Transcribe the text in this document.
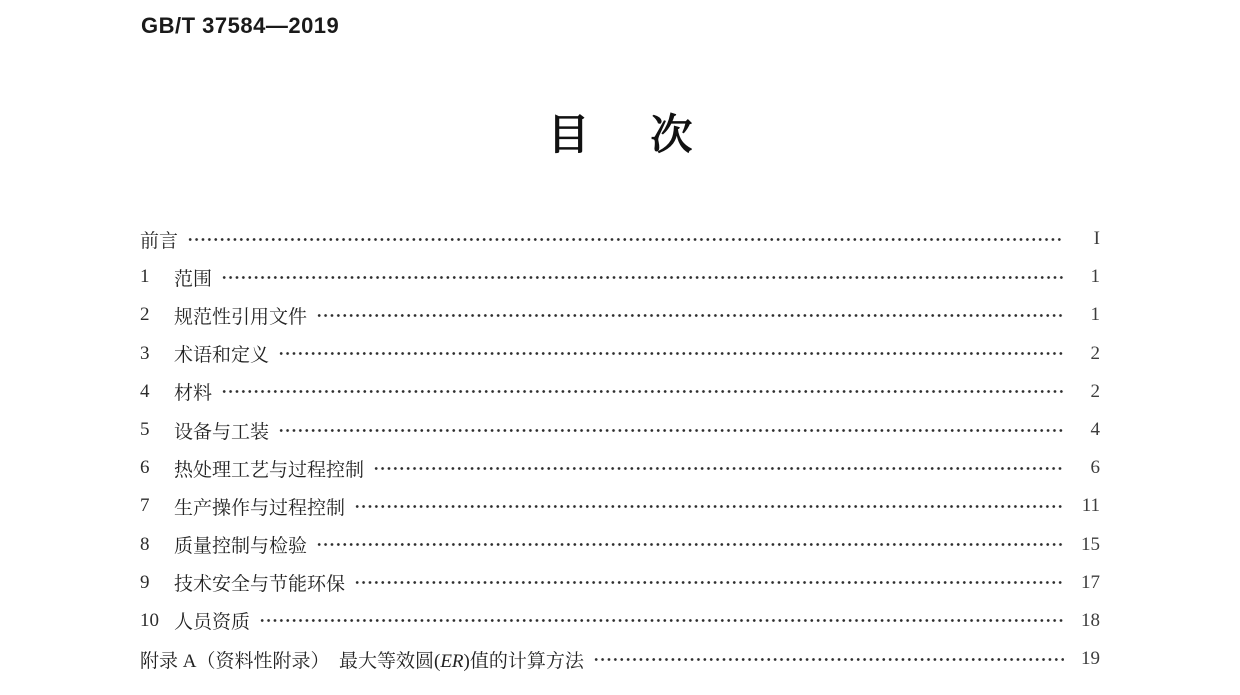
GB/T 37584—2019
目次
前言	I
1	范围	1
2	规范性引用文件	1
3	术语和定义	2
4	材料	2
5	设备与工装	4
6	热处理工艺与过程控制	6
7	生产操作与过程控制	11
8	质量控制与检验	15
9	技术安全与节能环保	17
10 人员资质	18
附录 A（资料性附录）　最大等效圆(ER)值的计算方法	19
